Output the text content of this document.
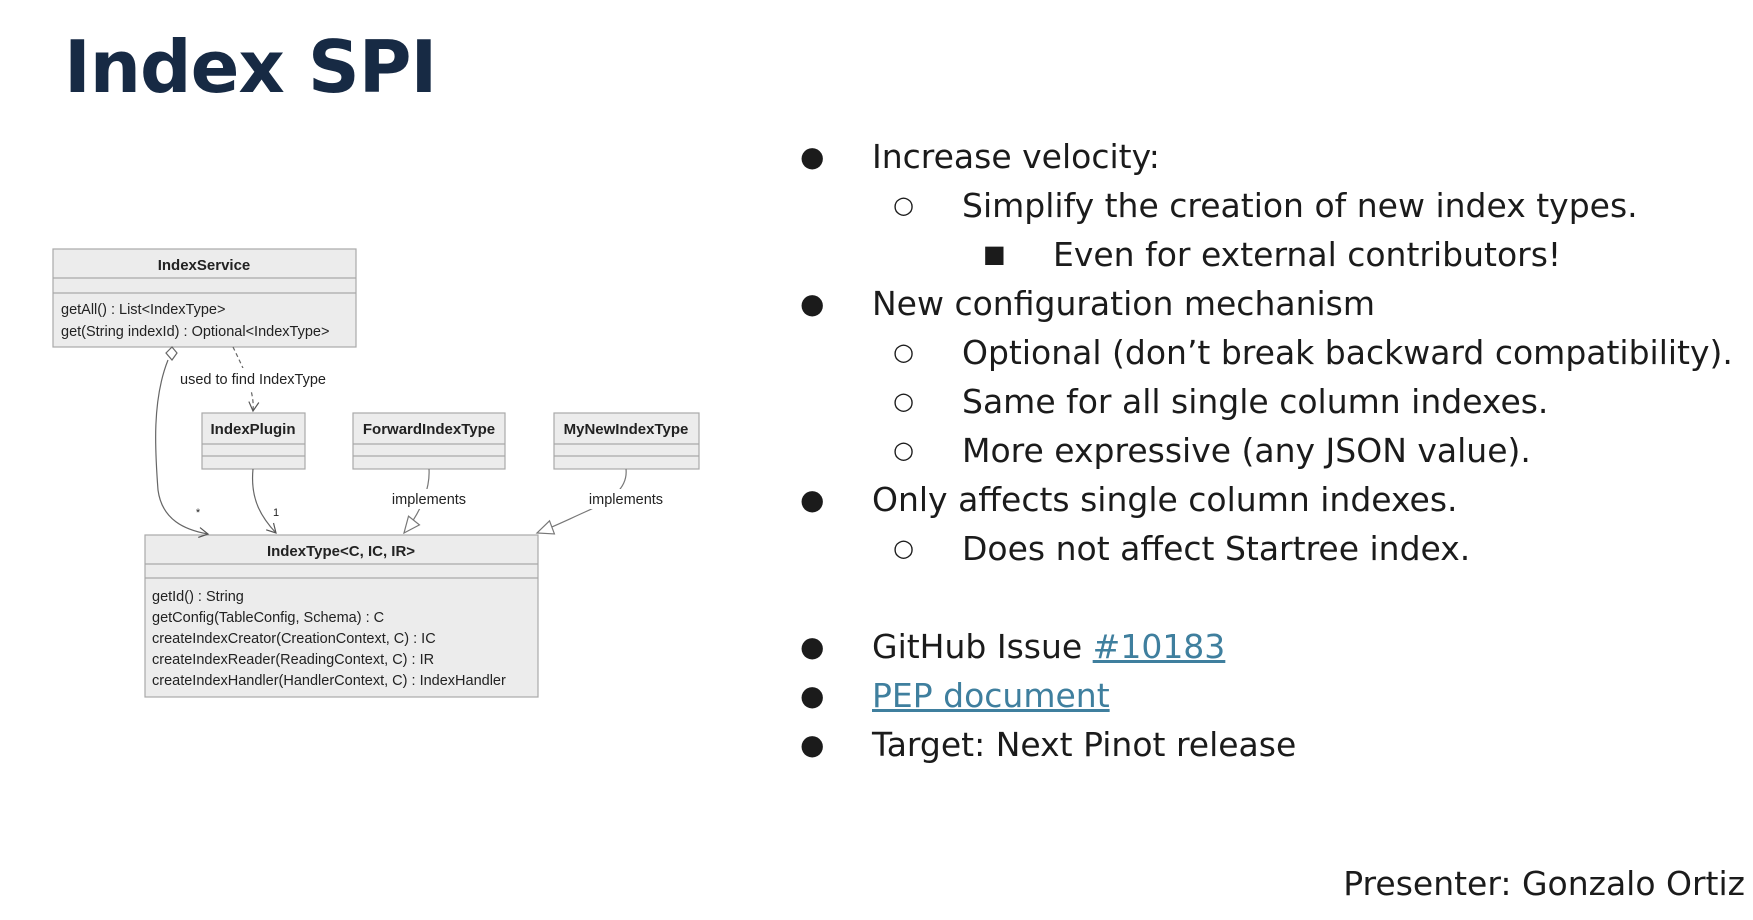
Index SPI
IndexService
getAll() : List<IndexType>
get(String indexId) : Optional<IndexType>
IndexPlugin	ForwardIndexType	MyNewIndexType
IndexType<C, IC, IR>
getId() : String
getConfig(TableConfig, Schema) : C
createIndexCreator(CreationContext, C) : IC
createIndexReader(ReadingContext, C) : IR
createIndexHandler(HandlerContext, C) : IndexHandler
used to find IndexType
*	1
implements	implements
● Increase velocity:
○ Simplify the creation of new index types.
■ Even for external contributors!
● New configuration mechanism
○ Optional (don’t break backward compatibility).
○ Same for all single column indexes.
○ More expressive (any JSON value).
● Only affects single column indexes.
○ Does not affect Startree index.
● GitHub Issue #10183
● PEP document
● Target: Next Pinot release
Presenter: Gonzalo Ortiz
